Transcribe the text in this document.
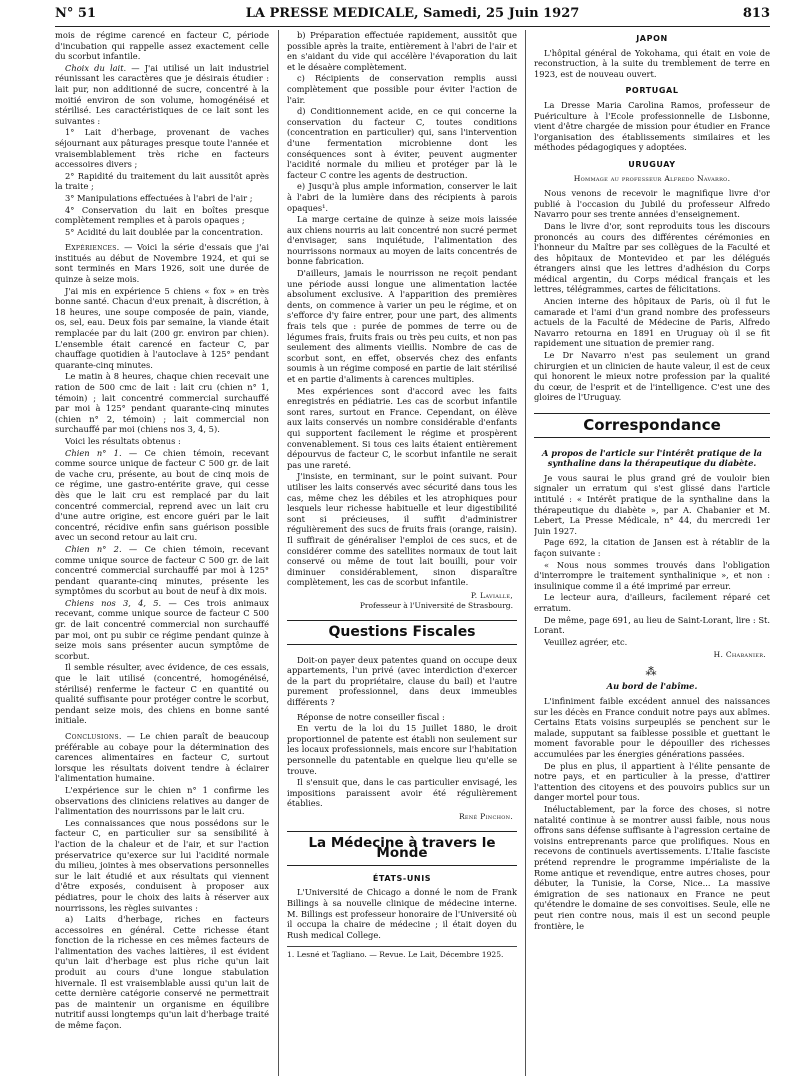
N° 51	LA PRESSE MEDICALE, Samedi, 25 Juin 1927	813

mois de régime carencé en facteur C, période d'incubation qui rappelle assez exactement celle du scorbut infantile.

Choix du lait. — J'ai utilisé un lait industriel réunissant les caractères que je désirais étudier : lait pur, non additionné de sucre, concentré à la moitié environ de son volume, homogénéisé et stérilisé. Les caractéristiques de ce lait sont les suivantes :

1° Lait d'herbage, provenant de vaches séjournant aux pâturages presque toute l'année et vraisemblablement très riche en facteurs accessoires divers ;

2° Rapidité du traitement du lait aussitôt après la traite ;

3° Manipulations effectuées à l'abri de l'air ;

4° Conservation du lait en boîtes presque complètement remplies et à parois opaques ;

5° Acidité du lait doublée par la concentration.

Expériences. — Voici la série d'essais que j'ai institués au début de Novembre 1924, et qui se sont terminés en Mars 1926, soit une durée de quinze à seize mois.

J'ai mis en expérience 5 chiens « fox » en très bonne santé. Chacun d'eux prenait, à discrétion, à 18 heures, une soupe composée de pain, viande, os, sel, eau. Deux fois par semaine, la viande était remplacée par du lait (200 gr. environ par chien). L'ensemble était carencé en facteur C, par chauffage quotidien à l'autoclave à 125° pendant quarante-cinq minutes.

Le matin à 8 heures, chaque chien recevait une ration de 500 cmc de lait : lait cru (chien n° 1, témoin) ; lait concentré commercial surchauffé par moi à 125° pendant quarante-cinq minutes (chien n° 2, témoin) ; lait commercial non surchauffé par moi (chiens nos 3, 4, 5).

Voici les résultats obtenus :

Chien n° 1. — Ce chien témoin, recevant comme source unique de facteur C 500 gr. de lait de vache cru, présente, au bout de cinq mois de ce régime, une gastro-entérite grave, qui cesse dès que le lait cru est remplacé par du lait concentré commercial, reprend avec un lait cru d'une autre origine, est encore guéri par le lait concentré, récidive enfin sans guérison possible avec un second retour au lait cru.

Chien n° 2. — Ce chien témoin, recevant comme unique source de facteur C 500 gr. de lait concentré commercial surchauffé par moi à 125° pendant quarante-cinq minutes, présente les symptômes du scorbut au bout de neuf à dix mois.

Chiens nos 3, 4, 5. — Ces trois animaux recevant, comme unique source de facteur C 500 gr. de lait concentré commercial non surchauffé par moi, ont pu subir ce régime pendant quinze à seize mois sans présenter aucun symptôme de scorbut.

Il semble résulter, avec évidence, de ces essais, que le lait utilisé (concentré, homogénéisé, stérilisé) renferme le facteur C en quantité ou qualité suffisante pour protéger contre le scorbut, pendant seize mois, des chiens en bonne santé initiale.

Conclusions. — Le chien paraît de beaucoup préférable au cobaye pour la détermination des carences alimentaires en facteur C, surtout lorsque les résultats doivent tendre à éclairer l'alimentation humaine.

L'expérience sur le chien n° 1 confirme les observations des cliniciens relatives au danger de l'alimentation des nourrissons par le lait cru.

Les connaissances que nous possédons sur le facteur C, en particulier sur sa sensibilité à l'action de la chaleur et de l'air, et sur l'action préservatrice qu'exerce sur lui l'acidité normale du milieu, jointes à mes observations personnelles sur le lait étudié et aux résultats qui viennent d'être exposés, conduisent à proposer aux pédiatres, pour le choix des laits à réserver aux nourrissons, les règles suivantes :

a) Laits d'herbage, riches en facteurs accessoires en général. Cette richesse étant fonction de la richesse en ces mêmes facteurs de l'alimentation des vaches laitières, il est évident qu'un lait d'herbage est plus riche qu'un lait produit au cours d'une longue stabulation hivernale. Il est vraisemblable aussi qu'un lait de cette dernière catégorie conservé ne permettrait pas de maintenir un organisme en équilibre nutritif aussi longtemps qu'un lait d'herbage traité de même façon.

b) Préparation effectuée rapidement, aussitôt que possible après la traite, entièrement à l'abri de l'air et en s'aidant du vide qui accélère l'évaporation du lait et le désaère complètement.

c) Récipients de conservation remplis aussi complètement que possible pour éviter l'action de l'air.

d) Conditionnement acide, en ce qui concerne la conservation du facteur C, toutes conditions (concentration en particulier) qui, sans l'intervention d'une fermentation microbienne dont les conséquences sont à éviter, peuvent augmenter l'acidité normale du milieu et protéger par là le facteur C contre les agents de destruction.

e) Jusqu'à plus ample information, conserver le lait à l'abri de la lumière dans des récipients à parois opaques¹.

La marge certaine de quinze à seize mois laissée aux chiens nourris au lait concentré non sucré permet d'envisager, sans inquiétude, l'alimentation des nourrissons normaux au moyen de laits concentrés de bonne fabrication.

D'ailleurs, jamais le nourrisson ne reçoit pendant une période aussi longue une alimentation lactée absolument exclusive. A l'apparition des premières dents, on commence à varier un peu le régime, et on s'efforce d'y faire entrer, pour une part, des aliments frais tels que : purée de pommes de terre ou de légumes frais, fruits frais ou très peu cuits, et non pas seulement des aliments vieillis. Nombre de cas de scorbut sont, en effet, observés chez des enfants soumis à un régime composé en partie de lait stérilisé et en partie d'aliments à carences multiples.

Mes expériences sont d'accord avec les faits enregistrés en pédiatrie. Les cas de scorbut infantile sont rares, surtout en France. Cependant, on élève aux laits conservés un nombre considérable d'enfants qui supportent facilement le régime et prospèrent convenablement. Si tous ces laits étaient entièrement dépourvus de facteur C, le scorbut infantile ne serait pas une rareté.

J'insiste, en terminant, sur le point suivant. Pour utiliser les laits conservés avec sécurité dans tous les cas, même chez les débiles et les atrophiques pour lesquels leur richesse habituelle et leur digestibilité sont si précieuses, il suffit d'administrer régulièrement des sucs de fruits frais (orange, raisin). Il suffirait de généraliser l'emploi de ces sucs, et de considérer comme des satellites normaux de tout lait conservé ou même de tout lait bouilli, pour voir diminuer considérablement, sinon disparaître complètement, les cas de scorbut infantile.

P. Lavialle,
Professeur à l'Université de Strasbourg.
Questions Fiscales

Doit-on payer deux patentes quand on occupe deux appartements, l'un privé (avec interdiction d'exercer de la part du propriétaire, clause du bail) et l'autre purement professionnel, dans deux immeubles différents ?

Réponse de notre conseiller fiscal :

En vertu de la loi du 15 Juillet 1880, le droit proportionnel de patente est établi non seulement sur les locaux professionnels, mais encore sur l'habitation personnelle du patentable en quelque lieu qu'elle se trouve.

Il s'ensuit que, dans le cas particulier envisagé, les impositions paraissent avoir été régulièrement établies.

René Pinchon.
La Médecine à travers le Monde
ÉTATS-UNIS

L'Université de Chicago a donné le nom de Frank Billings à sa nouvelle clinique de médecine interne. M. Billings est professeur honoraire de l'Université où il occupa la chaire de médecine ; il était doyen du Rush medical College.

1. Lesné et Tagliano. — Revue. Le Lait, Décembre 1925.
JAPON

L'hôpital général de Yokohama, qui était en voie de reconstruction, à la suite du tremblement de terre en 1923, est de nouveau ouvert.

PORTUGAL

La Dresse Maria Carolina Ramos, professeur de Puériculture à l'Ecole professionnelle de Lisbonne, vient d'être chargée de mission pour étudier en France l'organisation des établissements similaires et les méthodes pédagogiques y adoptées.

URUGUAY
Hommage au professeur Alfredo Navarro.

Nous venons de recevoir le magnifique livre d'or publié à l'occasion du Jubilé du professeur Alfredo Navarro pour ses trente années d'enseignement.

Dans le livre d'or, sont reproduits tous les discours prononcés au cours des différentes cérémonies en l'honneur du Maître par ses collègues de la Faculté et des hôpitaux de Montevideo et par les délégués étrangers ainsi que les lettres d'adhésion du Corps médical argentin, du Corps médical français et les lettres, télégrammes, cartes de félicitations.

Ancien interne des hôpitaux de Paris, où il fut le camarade et l'ami d'un grand nombre des professeurs actuels de la Faculté de Médecine de Paris, Alfredo Navarro retourna en 1891 en Uruguay où il se fit rapidement une situation de premier rang.

Le Dr Navarro n'est pas seulement un grand chirurgien et un clinicien de haute valeur, il est de ceux qui honorent le mieux notre profession par la qualité du cœur, de l'esprit et de l'intelligence. C'est une des gloires de l'Uruguay.

Correspondance
A propos de l'article sur l'intérêt pratique de la synthaline dans la thérapeutique du diabète.

Je vous saurai le plus grand gré de vouloir bien signaler un erratum qui s'est glissé dans l'article intitulé : « Intérêt pratique de la synthaline dans la thérapeutique du diabète », par A. Chabanier et M. Lebert, La Presse Médicale, n° 44, du mercredi 1er Juin 1927.

Page 692, la citation de Jansen est à rétablir de la façon suivante :

« Nous nous sommes trouvés dans l'obligation d'interrompre le traitement synthalinique », et non : insulinique comme il a été imprimé par erreur.

Le lecteur aura, d'ailleurs, facilement réparé cet erratum.

De même, page 691, au lieu de Saint-Lorant, lire : St. Lorant.

Veuillez agréer, etc.

H. Chabanier.
⁂
Au bord de l'abîme.

L'infiniment faible excédent annuel des naissances sur les décès en France conduit notre pays aux abîmes. Certains Etats voisins surpeuplés se penchent sur le malade, supputant sa faiblesse possible et guettant le moment favorable pour le dépouiller des richesses accumulées par les énergies générations passées.

De plus en plus, il appartient à l'élite pensante de notre pays, et en particulier à la presse, d'attirer l'attention des citoyens et des pouvoirs publics sur un danger mortel pour tous.

Inéluctablement, par la force des choses, si notre natalité continue à se montrer aussi faible, nous nous offrons sans défense suffisante à l'agression certaine de voisins entreprenants parce que prolifiques. Nous en recevons de continuels avertissements. L'Italie fasciste prétend reprendre le programme impérialiste de la Rome antique et revendique, entre autres choses, pour débuter, la Tunisie, la Corse, Nice... La massive émigration de ses nationaux en France ne peut qu'étendre le domaine de ses convoitises. Seule, elle ne peut rien contre nous, mais il est un second peuple frontière, le
